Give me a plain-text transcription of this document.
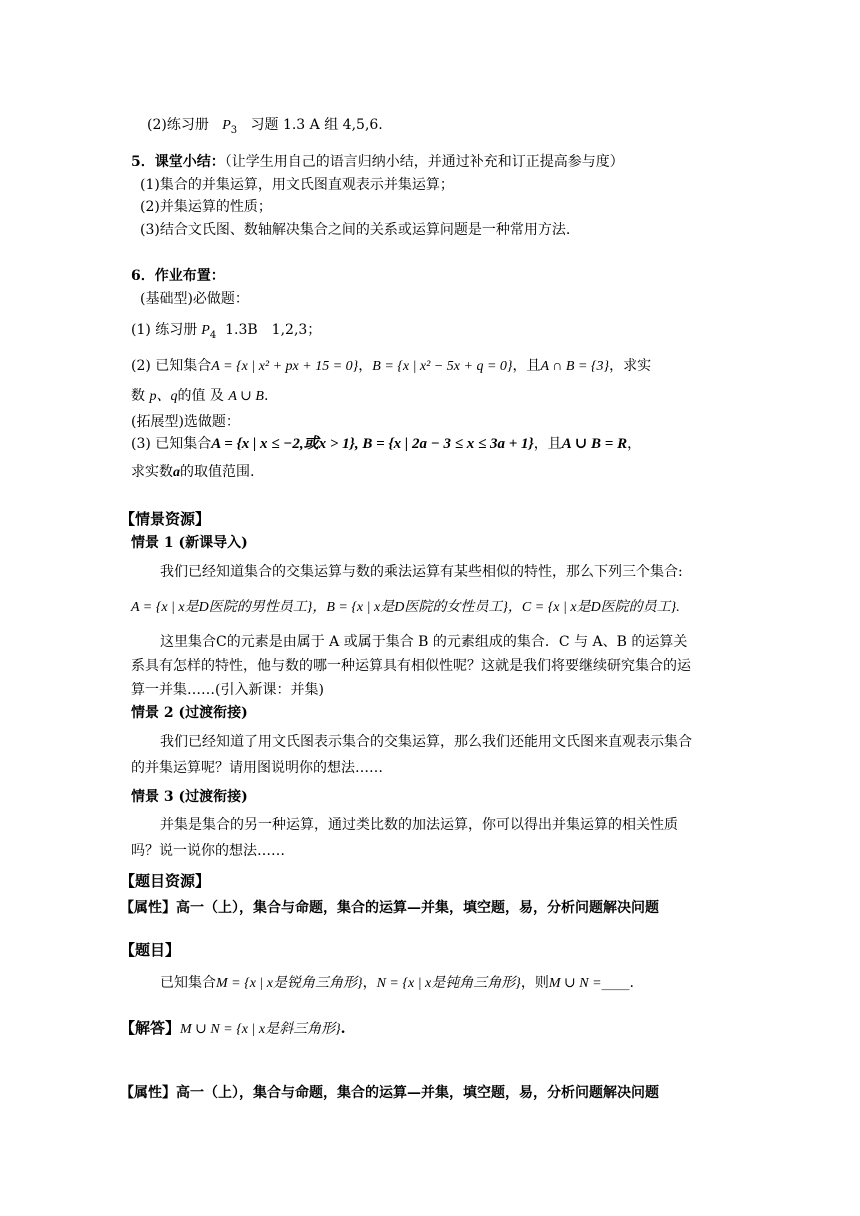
(2)练习册 $P_3$ 习题 1.3 A 组 4,5,6.
5．课堂小结：（让学生用自己的语言归纳小结，并通过补充和订正提高参与度）
(1)集合的并集运算，用文氏图直观表示并集运算；
(2)并集运算的性质；
(3)结合文氏图、数轴解决集合之间的关系或运算问题是一种常用方法.
6．作业布置：
(基础型)必做题：
(1) 练习册 $P_4$ 1.3B　1,2,3；
(2) 已知集合A = {x | x² + px + 15 = 0}，B = {x | x² − 5x + q = 0}，且A ∩ B = {3}，求实
数 p、q的值 及 A ∪ B.
(拓展型)选做题：
(3) 已知集合A = {x | x ≤ −2,或x > 1}, B = {x | 2a − 3 ≤ x ≤ 3a + 1}，且A ∪ B = R，
求实数a的取值范围.
【情景资源】
情景 1 (新课导入)
我们已经知道集合的交集运算与数的乘法运算有某些相似的特性，那么下列三个集合:
A = {x | x是D医院的男性员工}，B = {x | x是D医院的女性员工}，C = {x | x是D医院的员工}.
这里集合C的元素是由属于 A 或属于集合 B 的元素组成的集合．C 与 A、B 的运算关
系具有怎样的特性，他与数的哪一种运算具有相似性呢？这就是我们将要继续研究集合的运
算一并集……(引入新课：并集)
情景 2 (过渡衔接)
我们已经知道了用文氏图表示集合的交集运算，那么我们还能用文氏图来直观表示集合
的并集运算呢？请用图说明你的想法……
情景 3 (过渡衔接)
并集是集合的另一种运算，通过类比数的加法运算，你可以得出并集运算的相关性质
吗？说一说你的想法……
【题目资源】
【属性】高一（上），集合与命题，集合的运算—并集，填空题，易，分析问题解决问题
【题目】
已知集合M = {x | x是锐角三角形}，N = {x | x是钝角三角形}，则M ∪ N =____.
【解答】M ∪ N = {x | x是斜三角形}.
【属性】高一（上），集合与命题，集合的运算—并集，填空题，易，分析问题解决问题
